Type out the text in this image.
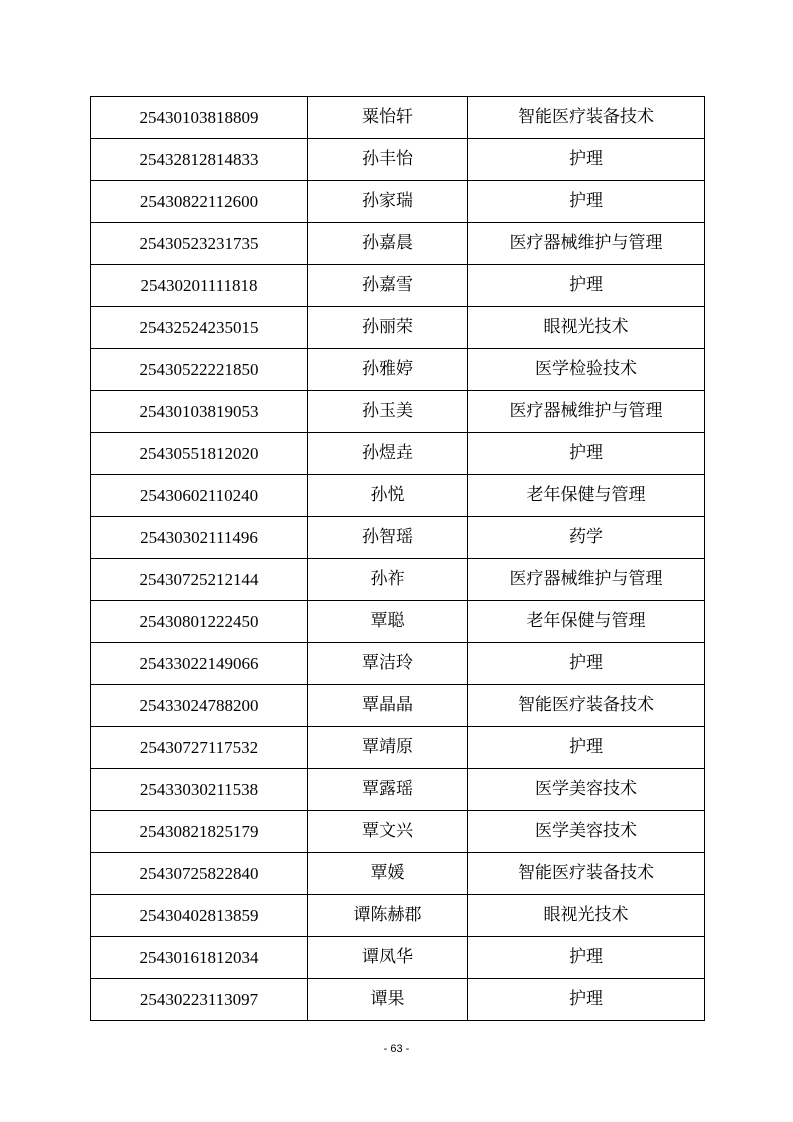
25430103818809	粟怡轩	智能医疗装备技术
25432812814833	孙丰怡	护理
25430822112600	孙家瑞	护理
25430523231735	孙嘉晨	医疗器械维护与管理
25430201111818	孙嘉雪	护理
25432524235015	孙丽荣	眼视光技术
25430522221850	孙雅婷	医学检验技术
25430103819053	孙玉美	医疗器械维护与管理
25430551812020	孙煜垚	护理
25430602110240	孙悦	老年保健与管理
25430302111496	孙智瑶	药学
25430725212144	孙祚	医疗器械维护与管理
25430801222450	覃聪	老年保健与管理
25433022149066	覃洁玲	护理
25433024788200	覃晶晶	智能医疗装备技术
25430727117532	覃靖原	护理
25433030211538	覃露瑶	医学美容技术
25430821825179	覃文兴	医学美容技术
25430725822840	覃媛	智能医疗装备技术
25430402813859	谭陈赫郡	眼视光技术
25430161812034	谭凤华	护理
25430223113097	谭果	护理
- 63 -
